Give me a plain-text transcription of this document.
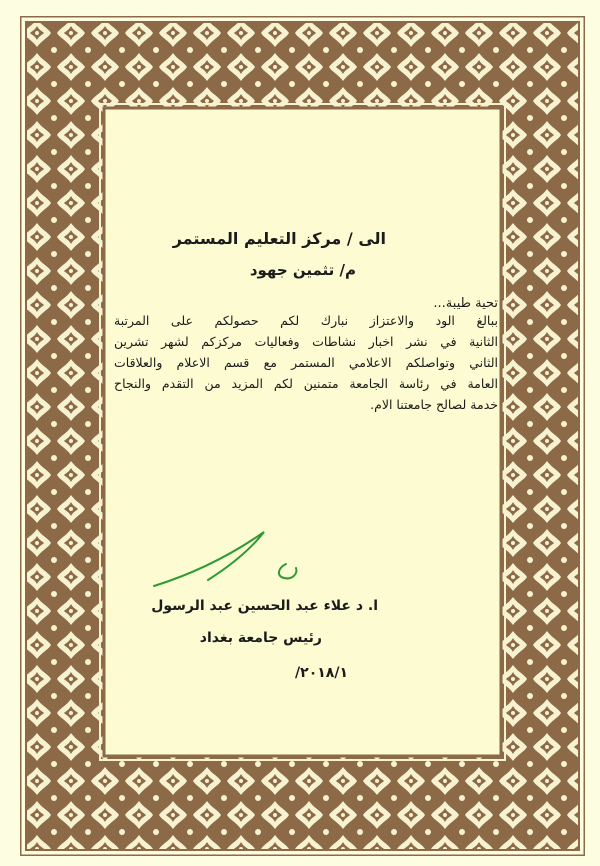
الى / مركز التعليم المستمر
م/ تثمين جهود
تحية طيبة...
ببالغ الود والاعتزاز نبارك لكم حصولكم على المرتبة
الثانية في نشر اخبار نشاطات وفعاليات مركزكم لشهر تشرين
الثاني وتواصلكم الاعلامي المستمر مع قسم الاعلام والعلاقات
العامة في رئاسة الجامعة متمنين لكم المزيد من التقدم والنجاح
خدمة لصالح جامعتنا الام.
ا. د علاء عبد الحسين عبد الرسول
رئيس جامعة بغداد
٢٠١٨/١/
